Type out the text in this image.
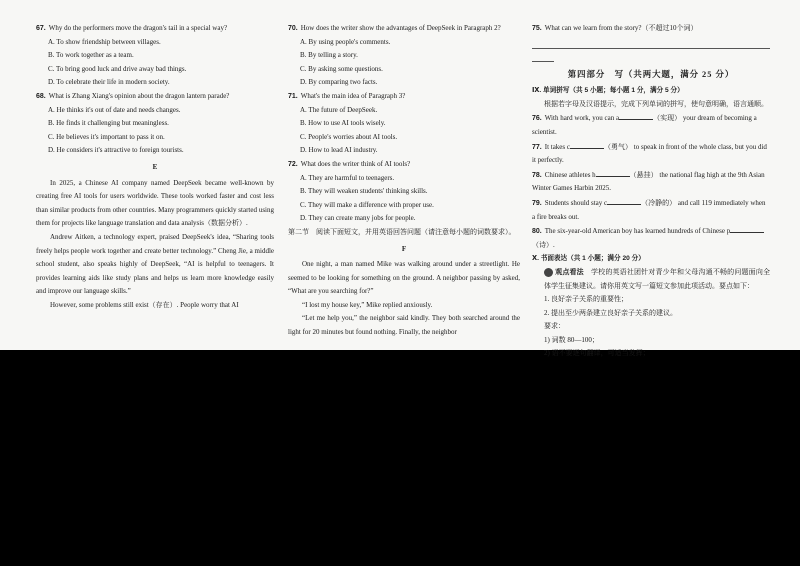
67. Why do the performers move the dragon's tail in a special way?

A. To show friendship between villages.

B. To work together as a team.

C. To bring good luck and drive away bad things.

D. To celebrate their life in modern society.

68. What is Zhang Xiang's opinion about the dragon lantern parade?

A. He thinks it's out of date and needs changes.

B. He finds it challenging but meaningless.

C. He believes it's important to pass it on.

D. He considers it's attractive to foreign tourists.

E

In 2025, a Chinese AI company named DeepSeek became well-known by creating free AI tools for users worldwide. These tools worked faster and cost less than similar products from other countries. Many programmers quickly started using them for projects like language translation and data analysis（数据分析）.

Andrew Aitken, a technology expert, praised DeepSeek's idea, “Sharing tools freely helps people work together and create better technology.” Cheng Jie, a middle school student, also speaks highly of DeepSeek, “AI is helpful to teenagers. It provides learning aids like study plans and helps us learn more knowledge easily and improve our language skills.”

However, some problems still exist（存在）. People worry that AI

70. How does the writer show the advantages of DeepSeek in Paragraph 2?

A. By using people's comments.

B. By telling a story.

C. By asking some questions.

D. By comparing two facts.

71. What's the main idea of Paragraph 3?

A. The future of DeepSeek.

B. How to use AI tools wisely.

C. People's worries about AI tools.

D. How to lead AI industry.

72. What does the writer think of AI tools?

A. They are harmful to teenagers.

B. They will weaken students' thinking skills.

C. They will make a difference with proper use.

D. They can create many jobs for people.

第二节　阅读下面短文，并用英语回答问题（请注意每小题的词数要求）。

F

One night, a man named Mike was walking around under a streetlight. He seemed to be looking for something on the ground. A neighbor passing by asked, “What are you searching for?”

“I lost my house key,” Mike replied anxiously.

“Let me help you,” the neighbor said kindly. They both searched around the light for 20 minutes but found nothing. Finally, the neighbor

75. What can we learn from the story?（不超过10个词）

第四部分　写（共两大题，满分 25 分）

Ⅸ. 单词拼写（共 5 小题；每小题 1 分，满分 5 分）

根据若字母及汉语提示，完成下列单词的拼写，使句意明确，语言通顺。

76. With hard work, you can a	（实现） your dream of becoming a scientist.

77. It takes c	（勇气） to speak in front of the whole class, but you did it perfectly.

78. Chinese athletes h	（悬挂） the national flag high at the 9th Asian Winter Games Harbin 2025.

79. Students should stay c	（冷静的） and call 119 immediately when a fire breaks out.

80. The six-year-old American boy has learned hundreds of Chinese p（诗）.

Ⅹ. 书面表达（共 1 小题；满分 20 分）

观点看法　 学校的英语社团针对青少年和父母沟通不畅的问题面向全体学生征集建议。请你用英文写一篇短文参加此项活动。要点如下：

1. 良好亲子关系的重要性；

2. 提出至少两条建立良好亲子关系的建议。

要求：

1) 词数 80—100；

2) 语不要逐句翻译，可适当发挥；
